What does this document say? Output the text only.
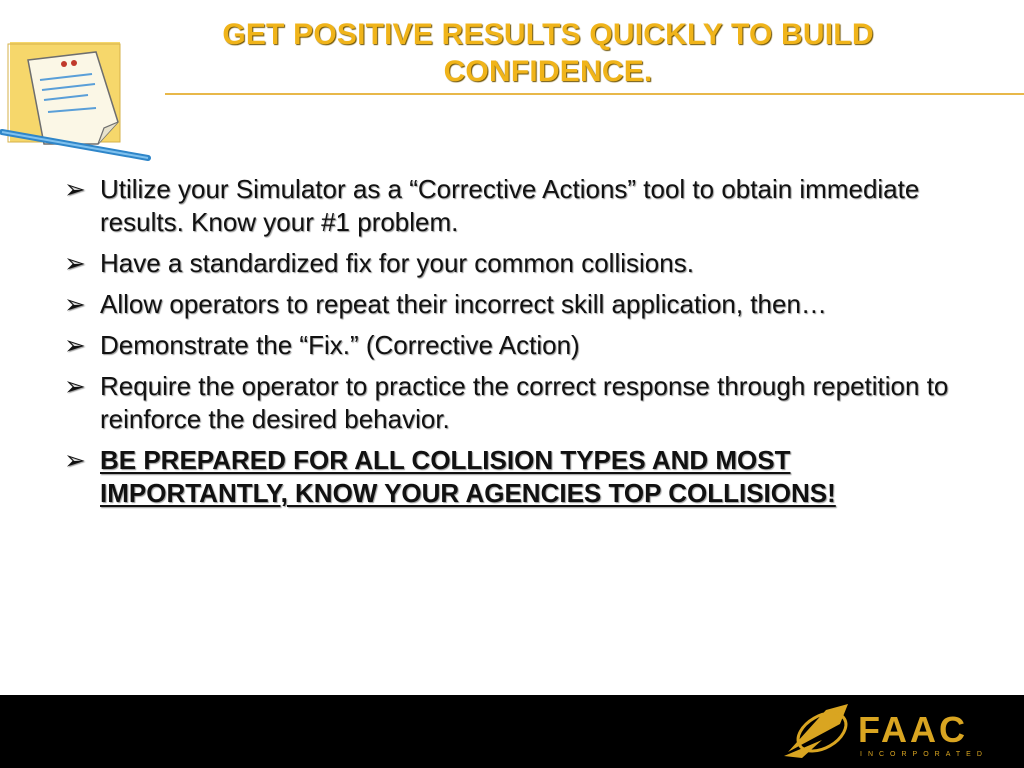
GET POSITIVE RESULTS QUICKLY TO BUILD CONFIDENCE.
➢ Utilize your Simulator as a “Corrective Actions” tool to obtain immediate results. Know your #1 problem.
➢ Have a standardized fix for your common collisions.
➢ Allow operators to repeat their incorrect skill application, then…
➢ Demonstrate the “Fix.” (Corrective Action)
➢ Require the operator to practice the correct response through repetition to reinforce the desired behavior.
➢ BE PREPARED FOR ALL COLLISION TYPES AND MOST IMPORTANTLY, KNOW YOUR AGENCIES TOP COLLISIONS!
FAAC
INCORPORATED
